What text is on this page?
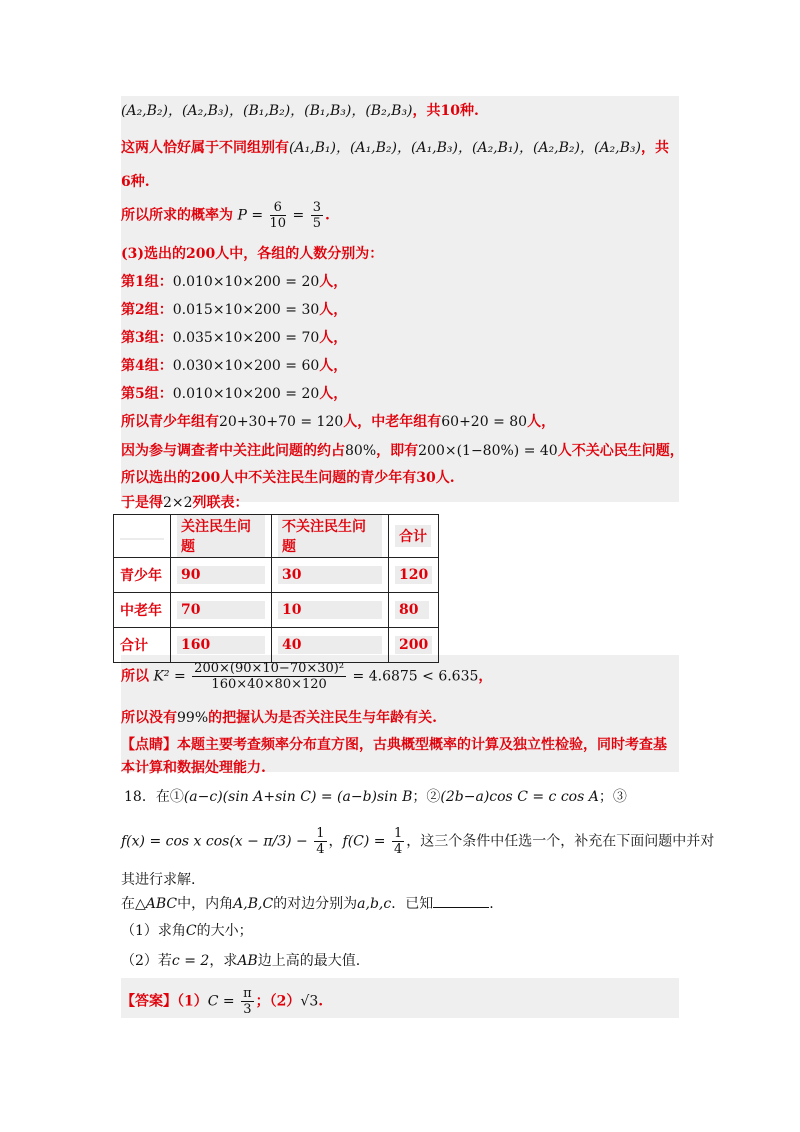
(A₂,B₂)，(A₂,B₃)，(B₁,B₂)，(B₁,B₃)，(B₂,B₃)，共10种.
这两人恰好属于不同组别有(A₁,B₁)，(A₁,B₂)，(A₁,B₃)，(A₂,B₁)，(A₂,B₂)，(A₂,B₃)，共
6种.
所以所求的概率为 $P = \frac{6}{10} = \frac{3}{5}$ .
(3)选出的200人中，各组的人数分别为：
第1组：0.010×10×200 = 20人，
第2组：0.015×10×200 = 30人，
第3组：0.035×10×200 = 70人，
第4组：0.030×10×200 = 60人，
第5组：0.010×10×200 = 20人，
所以青少年组有20+30+70 = 120人，中老年组有60+20 = 80人，
因为参与调查者中关注此问题的约占80%，即有200×(1−80%) = 40人不关心民生问题，
所以选出的200人中不关注民生问题的青少年有30人.
于是得2×2列联表：
	关注民生问题	不关注民生问题	合计
青少年	90	30	120
中老年	70	10	80
合计	160	40	200
所以 $K^2 = \frac{\text{200×(90×10−70×30)²}}{160\times 40\times 80\times 120} = 4.6875 < 6.635$，
所以没有99%的把握认为是否关注民生与年龄有关.
【点睛】本题主要考查频率分布直方图，古典概型概率的计算及独立性检验，同时考查基
本计算和数据处理能力.
18．在①(a−c)(sin A+sin C) = (a−b)sin B；②(2b−a)cos C = c cos A；③
f(x) = cos x $\cos(x - \pi/3) - \frac{1}{4}$ ，$f(C) = \frac{1}{4}$ ，这三个条件中任选一个，补充在下面问题中并对
其进行求解.
在△ABC中，内角A,B,C的对边分别为a,b,c．已知	.
（1）求角C的大小；
（2）若c = 2，求AB边上高的最大值.
【答案】$(1)C = \frac{\pi}{3}$ ；（2）√3.
